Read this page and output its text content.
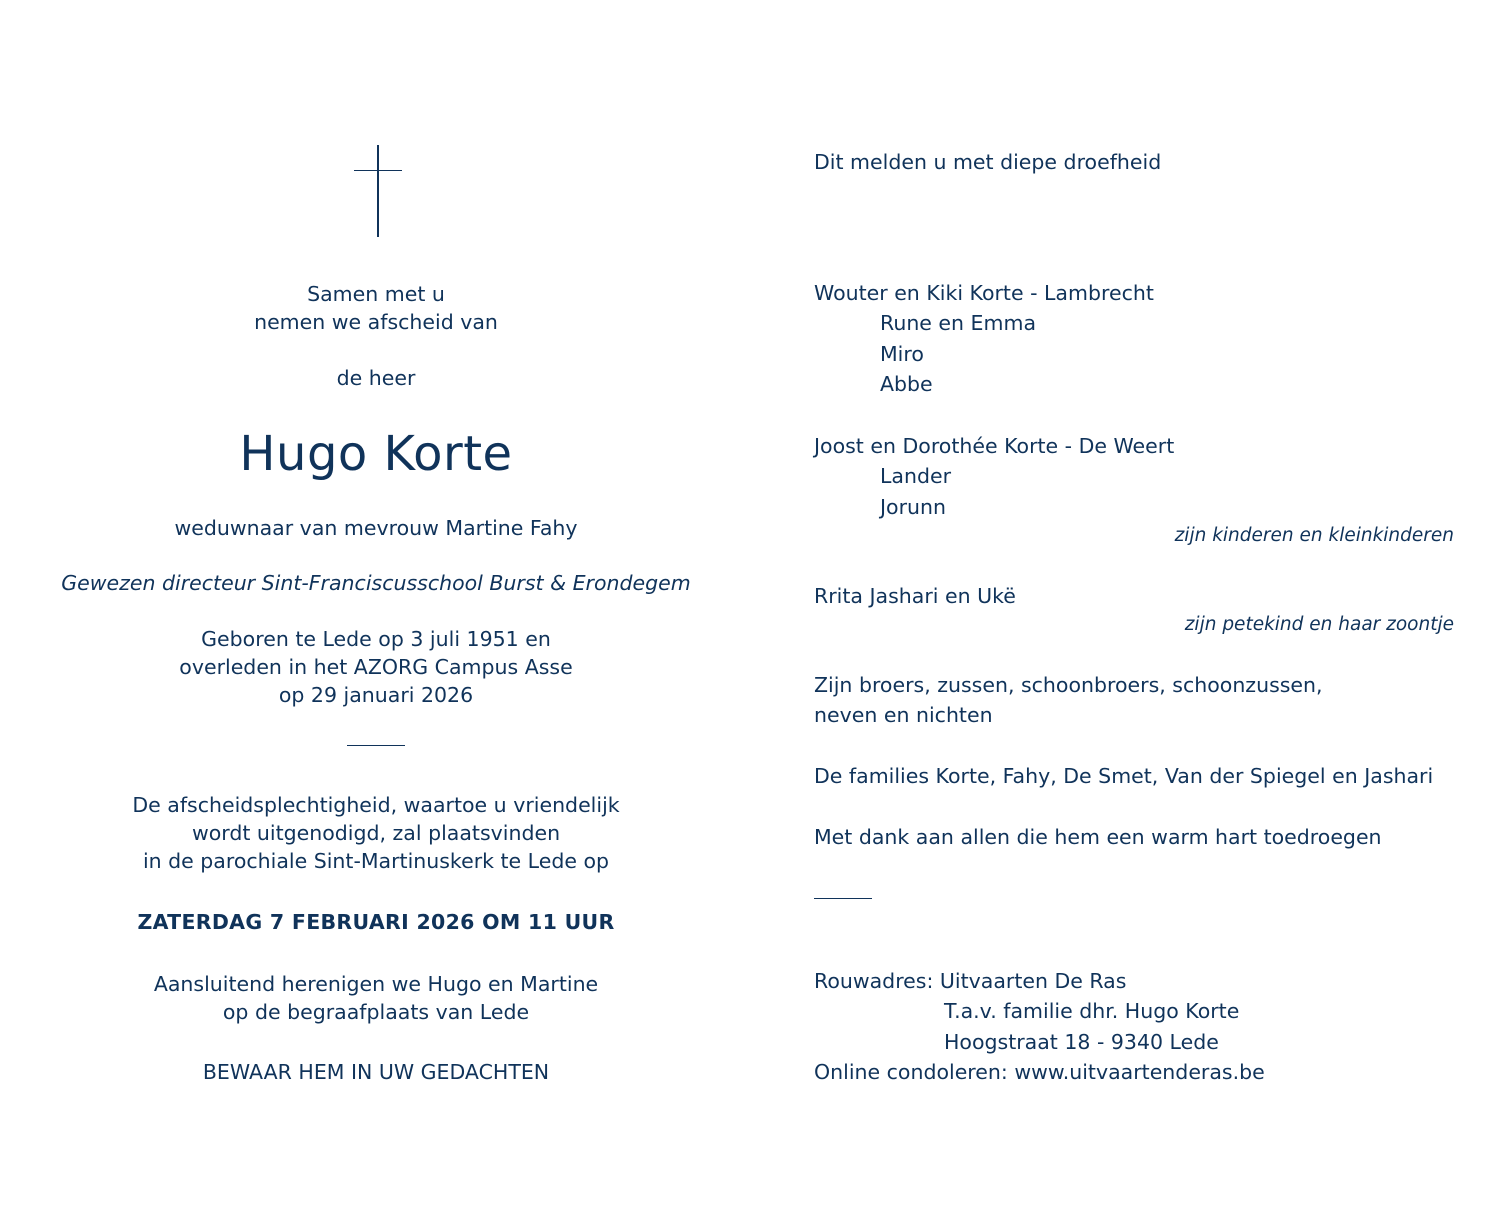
Samen met u
nemen we afscheid van
de heer
Hugo Korte
weduwnaar van mevrouw Martine Fahy
Gewezen directeur Sint-Franciscusschool Burst & Erondegem
Geboren te Lede op 3 juli 1951 en
overleden in het AZORG Campus Asse
op 29 januari 2026
De afscheidsplechtigheid, waartoe u vriendelijk
wordt uitgenodigd, zal plaatsvinden
in de parochiale Sint-Martinuskerk te Lede op
ZATERDAG 7 FEBRUARI 2026 OM 11 UUR
Aansluitend herenigen we Hugo en Martine
op de begraafplaats van Lede
BEWAAR HEM IN UW GEDACHTEN
Dit melden u met diepe droefheid
Wouter en Kiki Korte - Lambrecht
Rune en Emma
Miro
Abbe
Joost en Dorothée Korte - De Weert
Lander
Jorunn
zijn kinderen en kleinkinderen
Rrita Jashari en Ukë
zijn petekind en haar zoontje
Zijn broers, zussen, schoonbroers, schoonzussen,
neven en nichten
De families Korte, Fahy, De Smet, Van der Spiegel en Jashari
Met dank aan allen die hem een warm hart toedroegen
Rouwadres: Uitvaarten De Ras
T.a.v. familie dhr. Hugo Korte
Hoogstraat 18 - 9340 Lede
Online condoleren: www.uitvaartenderas.be
